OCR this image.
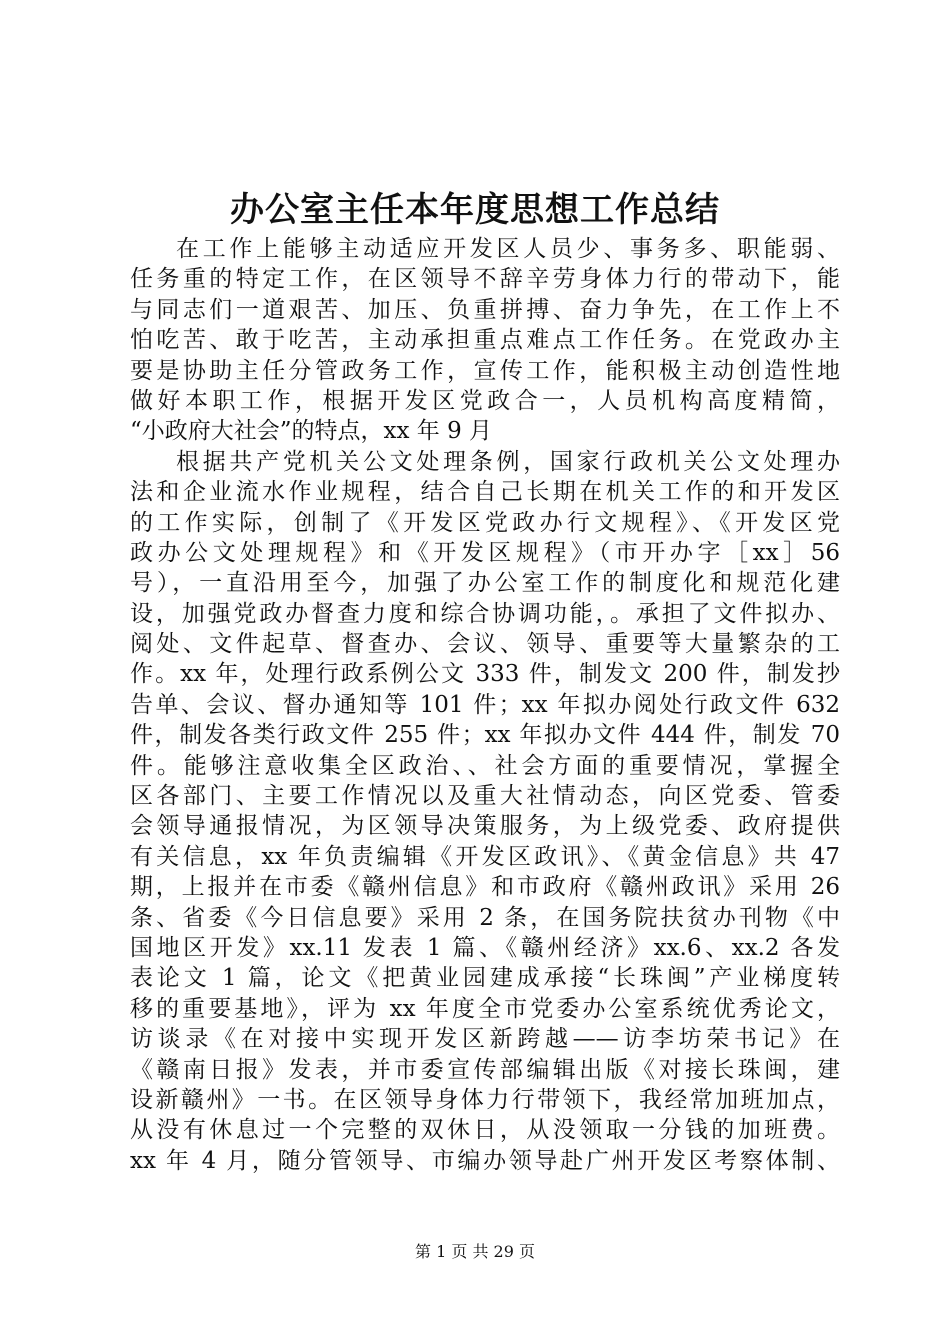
办公室主任本年度思想工作总结
在工作上能够主动适应开发区人员少、事务多、职能弱、
任务重的特定工作，在区领导不辞辛劳身体力行的带动下，能
与同志们一道艰苦、加压、负重拼搏、奋力争先，在工作上不
怕吃苦、敢于吃苦，主动承担重点难点工作任务。在党政办主
要是协助主任分管政务工作，宣传工作，能积极主动创造性地
做好本职工作，根据开发区党政合一，人员机构高度精简，
“小政府大社会”的特点，xx 年 9 月
根据共产党机关公文处理条例，国家行政机关公文处理办
法和企业流水作业规程，结合自己长期在机关工作的和开发区
的工作实际，创制了《开发区党政办行文规程》、《开发区党
政办公文处理规程》和《开发区规程》（市开办字［xx］56
号），一直沿用至今，加强了办公室工作的制度化和规范化建
设，加强党政办督查力度和综合协调功能，。承担了文件拟办、
阅处、文件起草、督查办、会议、领导、重要等大量繁杂的工
作。xx 年，处理行政系例公文 333 件，制发文 200 件，制发抄
告单、会议、督办通知等 101 件；xx 年拟办阅处行政文件 632
件，制发各类行政文件 255 件；xx 年拟办文件 444 件，制发 70
件。能够注意收集全区政治、、社会方面的重要情况，掌握全
区各部门、主要工作情况以及重大社情动态，向区党委、管委
会领导通报情况，为区领导决策服务，为上级党委、政府提供
有关信息，xx 年负责编辑《开发区政讯》、《黄金信息》共 47
期，上报并在市委《赣州信息》和市政府《赣州政讯》采用 26
条、省委《今日信息要》采用 2 条，在国务院扶贫办刊物《中
国地区开发》xx.11 发表 1 篇、《赣州经济》xx.6、xx.2 各发
表论文 1 篇，论文《把黄业园建成承接“长珠闽”产业梯度转
移的重要基地》，评为 xx 年度全市党委办公室系统优秀论文，
访谈录《在对接中实现开发区新跨越——访李坊荣书记》在
《赣南日报》发表，并市委宣传部编辑出版《对接长珠闽，建
设新赣州》一书。在区领导身体力行带领下，我经常加班加点，
从没有休息过一个完整的双休日，从没领取一分钱的加班费。
xx 年 4 月，随分管领导、市编办领导赴广州开发区考察体制、
第 1 页 共 29 页
